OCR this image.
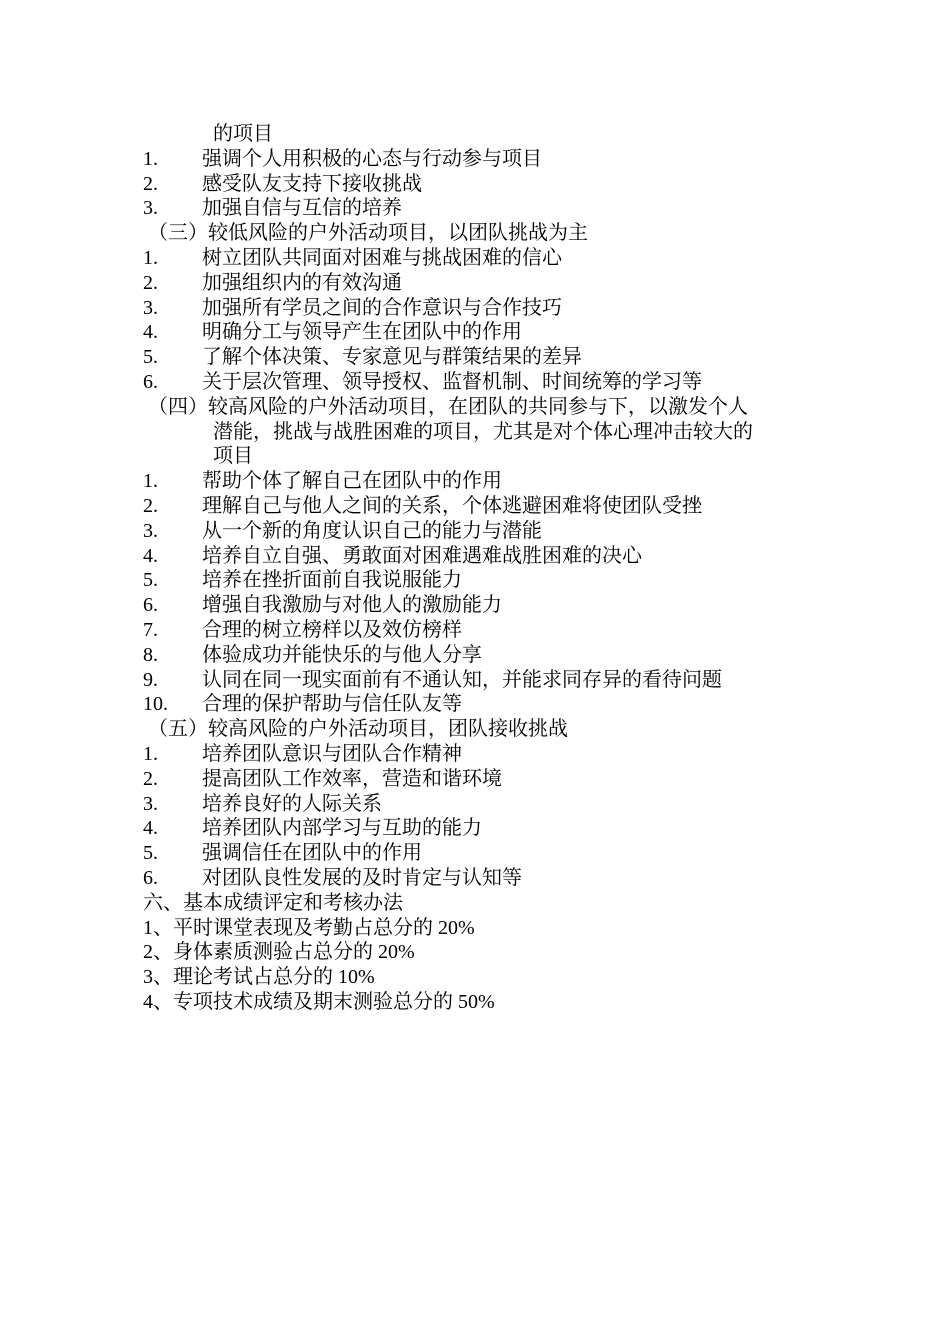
的项目
1. 强调个人用积极的心态与行动参与项目
2. 感受队友支持下接收挑战
3. 加强自信与互信的培养
（三）较低风险的户外活动项目，以团队挑战为主
1. 树立团队共同面对困难与挑战困难的信心
2. 加强组织内的有效沟通
3. 加强所有学员之间的合作意识与合作技巧
4. 明确分工与领导产生在团队中的作用
5. 了解个体决策、专家意见与群策结果的差异
6. 关于层次管理、领导授权、监督机制、时间统筹的学习等
（四）较高风险的户外活动项目，在团队的共同参与下，以激发个人
潜能，挑战与战胜困难的项目，尤其是对个体心理冲击较大的
项目
1. 帮助个体了解自己在团队中的作用
2. 理解自己与他人之间的关系，个体逃避困难将使团队受挫
3. 从一个新的角度认识自己的能力与潜能
4. 培养自立自强、勇敢面对困难遇难战胜困难的决心
5. 培养在挫折面前自我说服能力
6. 增强自我激励与对他人的激励能力
7. 合理的树立榜样以及效仿榜样
8. 体验成功并能快乐的与他人分享
9. 认同在同一现实面前有不通认知，并能求同存异的看待问题
10. 合理的保护帮助与信任队友等
（五）较高风险的户外活动项目，团队接收挑战
1. 培养团队意识与团队合作精神
2. 提高团队工作效率，营造和谐环境
3. 培养良好的人际关系
4. 培养团队内部学习与互助的能力
5. 强调信任在团队中的作用
6. 对团队良性发展的及时肯定与认知等
六、基本成绩评定和考核办法
1、平时课堂表现及考勤占总分的 20%
2、身体素质测验占总分的 20%
3、理论考试占总分的 10%
4、专项技术成绩及期末测验总分的 50%
